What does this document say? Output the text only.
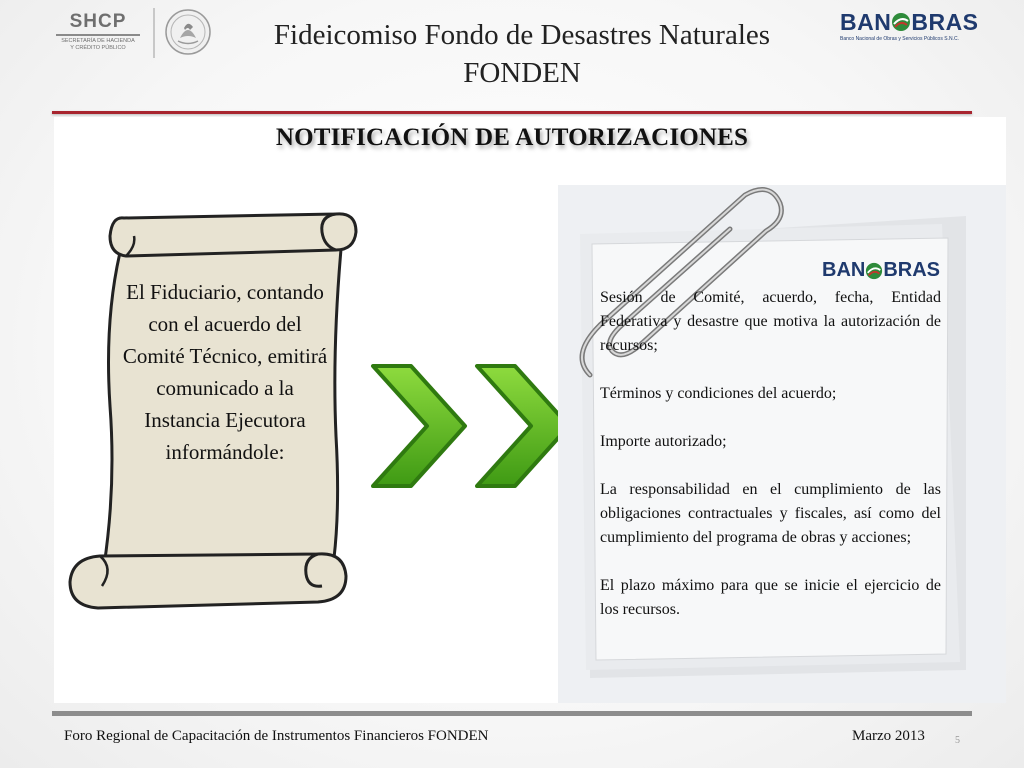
SHCP
SECRETARÍA DE HACIENDA
Y CRÉDITO PÚBLICO	Fideicomiso Fondo de Desastres Naturales
FONDEN
BAN BRAS
Banco Nacional de Obras y Servicios Públicos S.N.C.
NOTIFICACIÓN DE AUTORIZACIONES
El Fiduciario, contando con el acuerdo del Comité Técnico, emitirá comunicado a la Instancia Ejecutora informándole:
BAN BRAS

Sesión de Comité, acuerdo, fecha, Entidad Federativa y desastre que motiva la autorización de recursos;

Términos y condiciones del acuerdo;

Importe autorizado;

La responsabilidad en el cumplimiento de las obligaciones contractuales y fiscales, así como del cumplimiento del programa de obras y acciones;

El plazo máximo para que se inicie el ejercicio de los recursos.

Foro Regional de Capacitación de Instrumentos Financieros FONDEN	Marzo 2013	5
